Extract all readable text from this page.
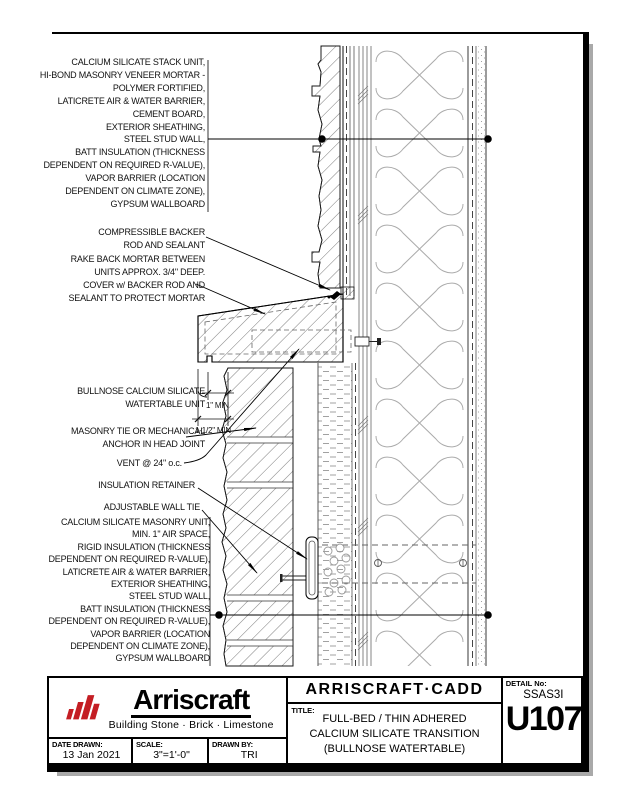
CALCIUM SILICATE STACK UNIT,
HI-BOND MASONRY VENEER MORTAR -
POLYMER FORTIFIED,
LATICRETE AIR & WATER BARRIER,
CEMENT BOARD,
EXTERIOR SHEATHING,
STEEL STUD WALL,
BATT INSULATION (THICKNESS
DEPENDENT ON REQUIRED R-VALUE),
VAPOR BARRIER (LOCATION
DEPENDENT ON CLIMATE ZONE),
GYPSUM WALLBOARD
COMPRESSIBLE BACKER
ROD AND SEALANT
RAKE BACK MORTAR BETWEEN
UNITS APPROX. 3/4" DEEP.
COVER w/ BACKER ROD AND
SEALANT TO PROTECT MORTAR
BULLNOSE CALCIUM SILICATE
WATERTABLE UNIT
MASONRY TIE OR MECHANICAL
ANCHOR IN HEAD JOINT
VENT @ 24" o.c.
INSULATION RETAINER
ADJUSTABLE WALL TIE
CALCIUM SILICATE MASONRY UNIT,
MIN. 1" AIR SPACE,
RIGID INSULATION (THICKNESS
DEPENDENT ON REQUIRED R-VALUE),
LATICRETE AIR & WATER BARRIER,
EXTERIOR SHEATHING,
STEEL STUD WALL,
BATT INSULATION (THICKNESS
DEPENDENT ON REQUIRED R-VALUE),
VAPOR BARRIER (LOCATION
DEPENDENT ON CLIMATE ZONE),
GYPSUM WALLBOARD
1" MIN
1-1/2" MIN
Arriscraft
Building Stone · Brick · Limestone
DATE DRAWN:
13 Jan 2021
SCALE:
3"=1'-0"
DRAWN BY:
TRI
ARRISCRAFT·CADD
TITLE:
FULL-BED / THIN ADHERED
CALCIUM SILICATE TRANSITION
(BULLNOSE WATERTABLE)
DETAIL No:
SSAS3I
U107
